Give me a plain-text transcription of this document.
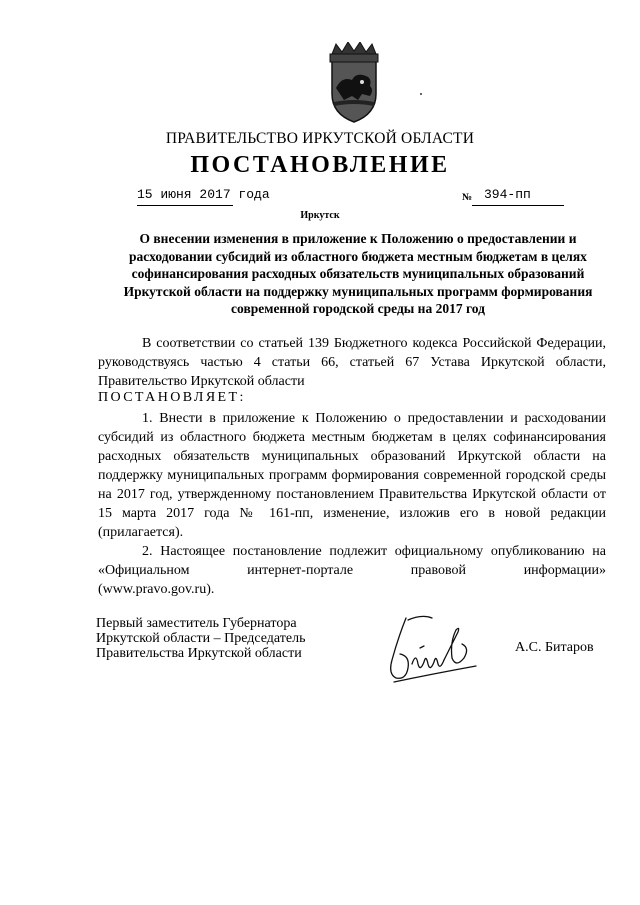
ПРАВИТЕЛЬСТВО ИРКУТСКОЙ ОБЛАСТИ
ПОСТАНОВЛЕНИЕ
15 июня 2017 года	№ 394-пп
Иркутск
О внесении изменения в приложение к Положению о предоставлении и расходовании субсидий из областного бюджета местным бюджетам в целях софинансирования расходных обязательств муниципальных образований Иркутской области на поддержку муниципальных программ формирования современной городской среды на 2017 год

В соответствии со статьей 139 Бюджетного кодекса Российской Федерации, руководствуясь частью 4 статьи 66, статьей 67 Устава Иркутской области, Правительство Иркутской области

ПОСТАНОВЛЯЕТ:

1. Внести в приложение к Положению о предоставлении и расходовании субсидий из областного бюджета местным бюджетам в целях софинансирования расходных обязательств муниципальных образований Иркутской области на поддержку муниципальных программ формирования современной городской среды на 2017 год, утвержденному постановлением Правительства Иркутской области от 15 марта 2017 года № 161-пп, изменение, изложив его в новой редакции (прилагается).

2. Настоящее постановление подлежит официальному опубликованию на «Официальном интернет-портале правовой информации»

(www.pravo.gov.ru).

Первый заместитель Губернатора
Иркутской области – Председатель
Правительства Иркутской области	А.С. Битаров
